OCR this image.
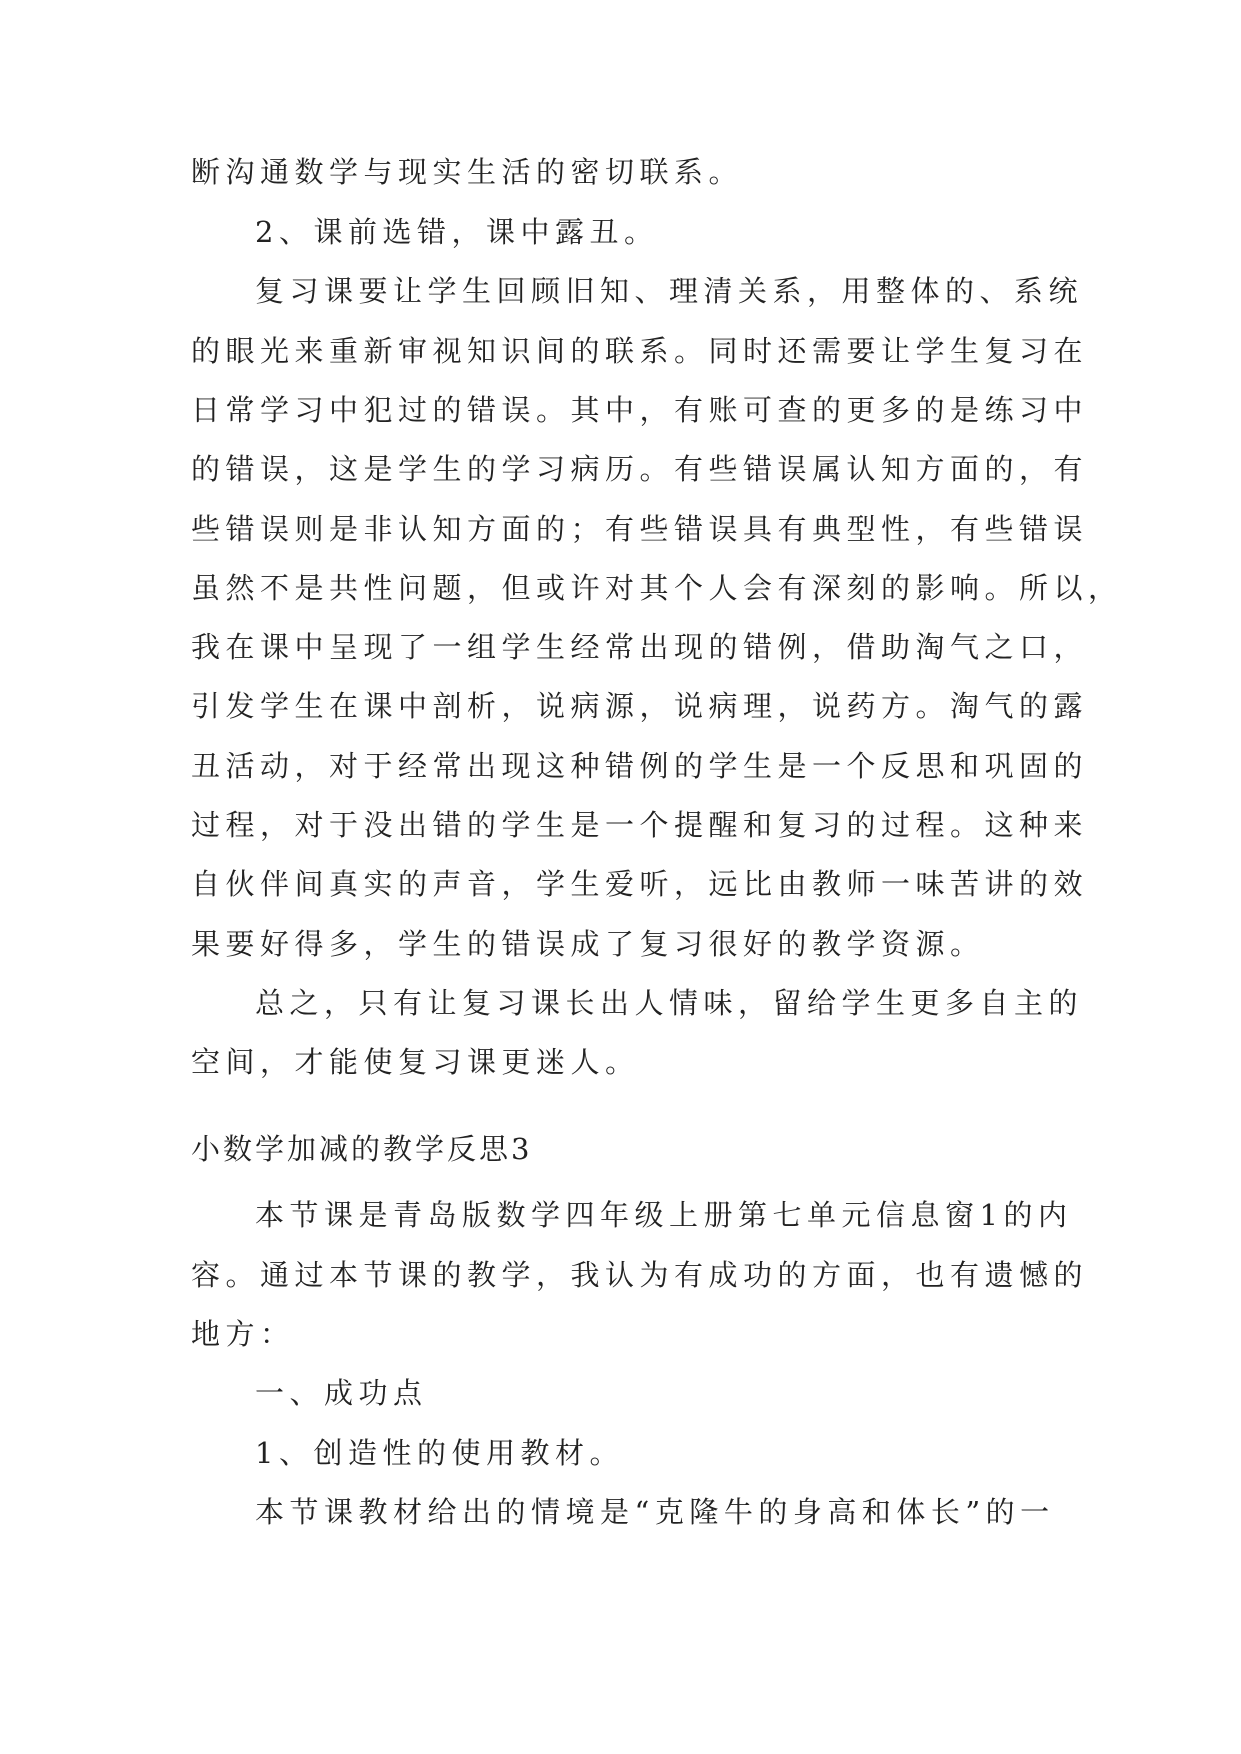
断沟通数学与现实生活的密切联系。
2、课前选错，课中露丑。
复习课要让学生回顾旧知、理清关系，用整体的、系统
的眼光来重新审视知识间的联系。同时还需要让学生复习在
日常学习中犯过的错误。其中，有账可查的更多的是练习中
的错误，这是学生的学习病历。有些错误属认知方面的，有
些错误则是非认知方面的；有些错误具有典型性，有些错误
虽然不是共性问题，但或许对其个人会有深刻的影响。所以，
我在课中呈现了一组学生经常出现的错例，借助淘气之口，
引发学生在课中剖析，说病源，说病理，说药方。淘气的露
丑活动，对于经常出现这种错例的学生是一个反思和巩固的
过程，对于没出错的学生是一个提醒和复习的过程。这种来
自伙伴间真实的声音，学生爱听，远比由教师一味苦讲的效
果要好得多，学生的错误成了复习很好的教学资源。
总之，只有让复习课长出人情味，留给学生更多自主的
空间，才能使复习课更迷人。
小数学加减的教学反思3
本节课是青岛版数学四年级上册第七单元信息窗1的内
容。通过本节课的教学，我认为有成功的方面，也有遗憾的
地方：
一、成功点
1、创造性的使用教材。
本节课教材给出的情境是“克隆牛的身高和体长”的一
